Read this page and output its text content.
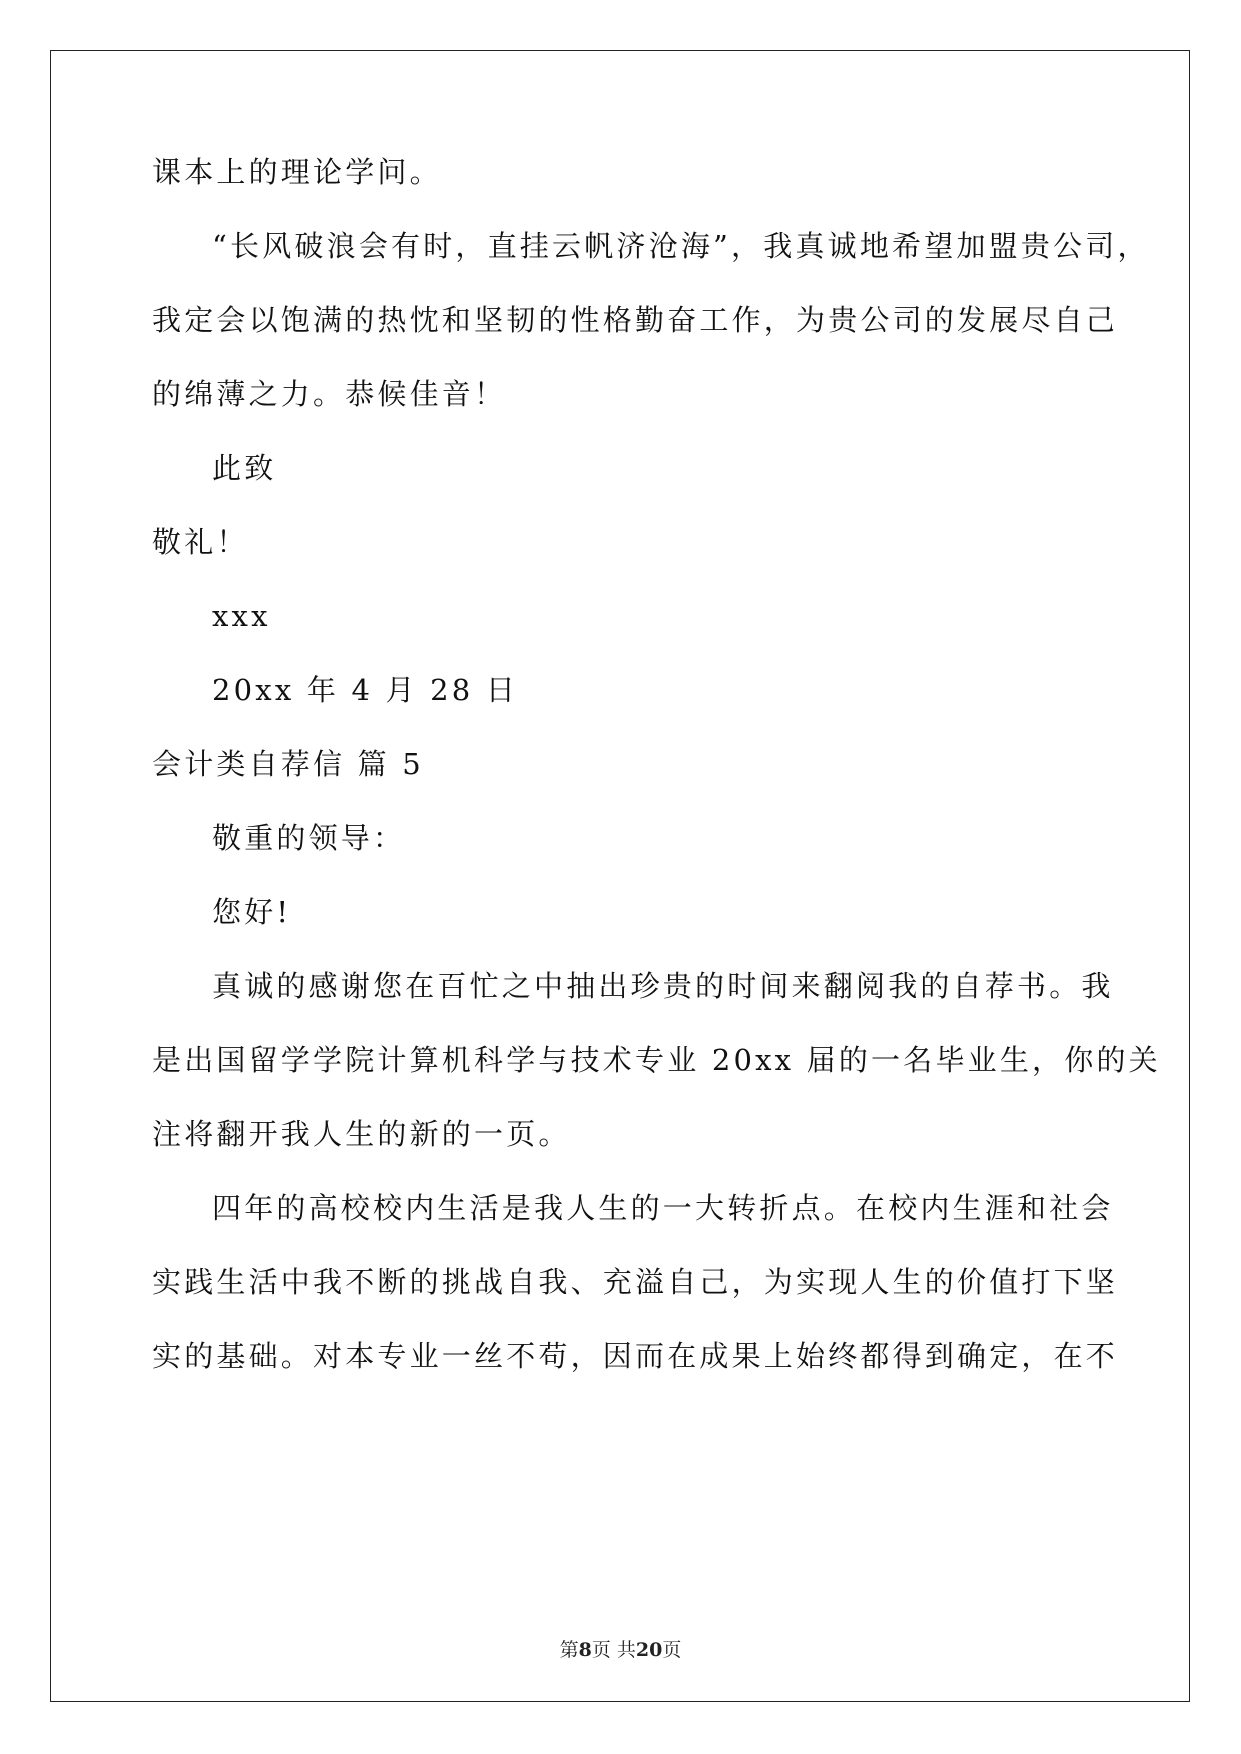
课本上的理论学问。
“长风破浪会有时，直挂云帆济沧海”，我真诚地希望加盟贵公司，
我定会以饱满的热忱和坚韧的性格勤奋工作，为贵公司的发展尽自己
的绵薄之力。恭候佳音！
此致
敬礼！
xxx
20xx 年 4 月 28 日
会计类自荐信 篇 5
敬重的领导：
您好!
真诚的感谢您在百忙之中抽出珍贵的时间来翻阅我的自荐书。我
是出国留学学院计算机科学与技术专业 20xx 届的一名毕业生，你的关
注将翻开我人生的新的一页。
四年的高校校内生活是我人生的一大转折点。在校内生涯和社会
实践生活中我不断的挑战自我、充溢自己，为实现人生的价值打下坚
实的基础。对本专业一丝不苟，因而在成果上始终都得到确定，在不
第8页 共20页
